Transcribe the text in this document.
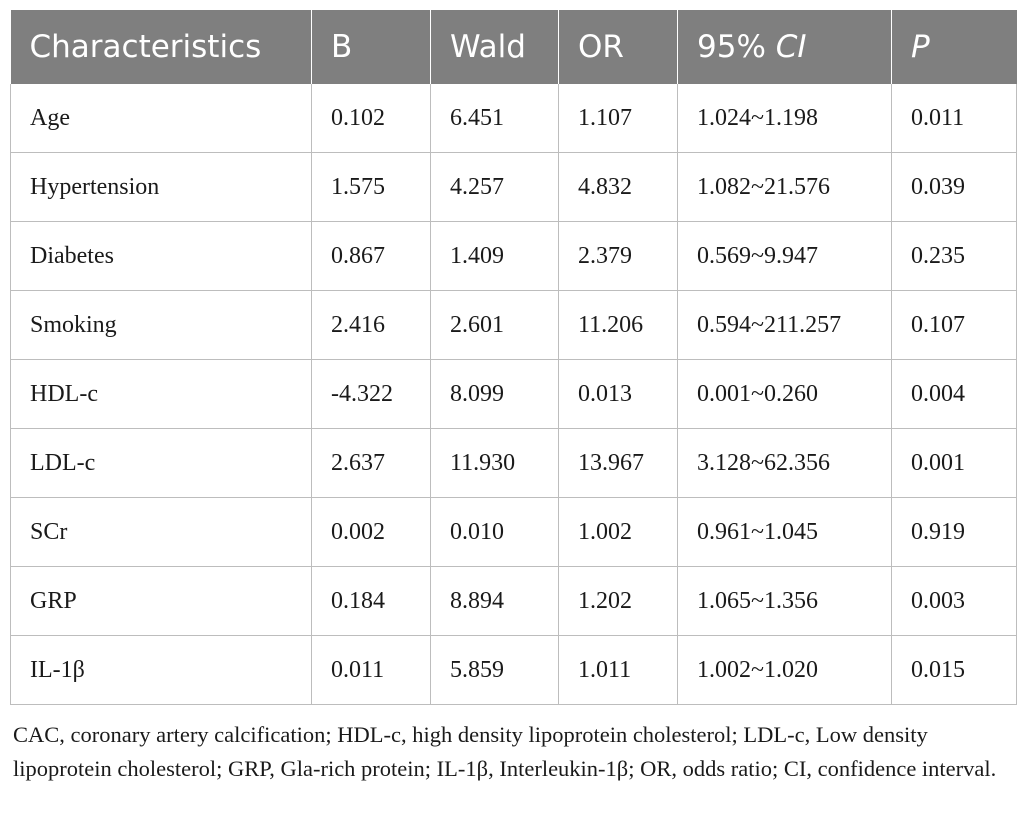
Characteristics	B	Wald	OR	95% CI	P
Age	0.102	6.451	1.107	1.024~1.198	0.011
Hypertension	1.575	4.257	4.832	1.082~21.576	0.039
Diabetes	0.867	1.409	2.379	0.569~9.947	0.235
Smoking	2.416	2.601	11.206	0.594~211.257	0.107
HDL-c	-4.322	8.099	0.013	0.001~0.260	0.004
LDL-c	2.637	11.930	13.967	3.128~62.356	0.001
SCr	0.002	0.010	1.002	0.961~1.045	0.919
GRP	0.184	8.894	1.202	1.065~1.356	0.003
IL-1β	0.011	5.859	1.011	1.002~1.020	0.015
CAC, coronary artery calcification; HDL-c, high density lipoprotein cholesterol; LDL-c, Low density lipoprotein cholesterol; GRP, Gla-rich protein; IL-1β, Interleukin-1β; OR, odds ratio; CI, confidence interval.
